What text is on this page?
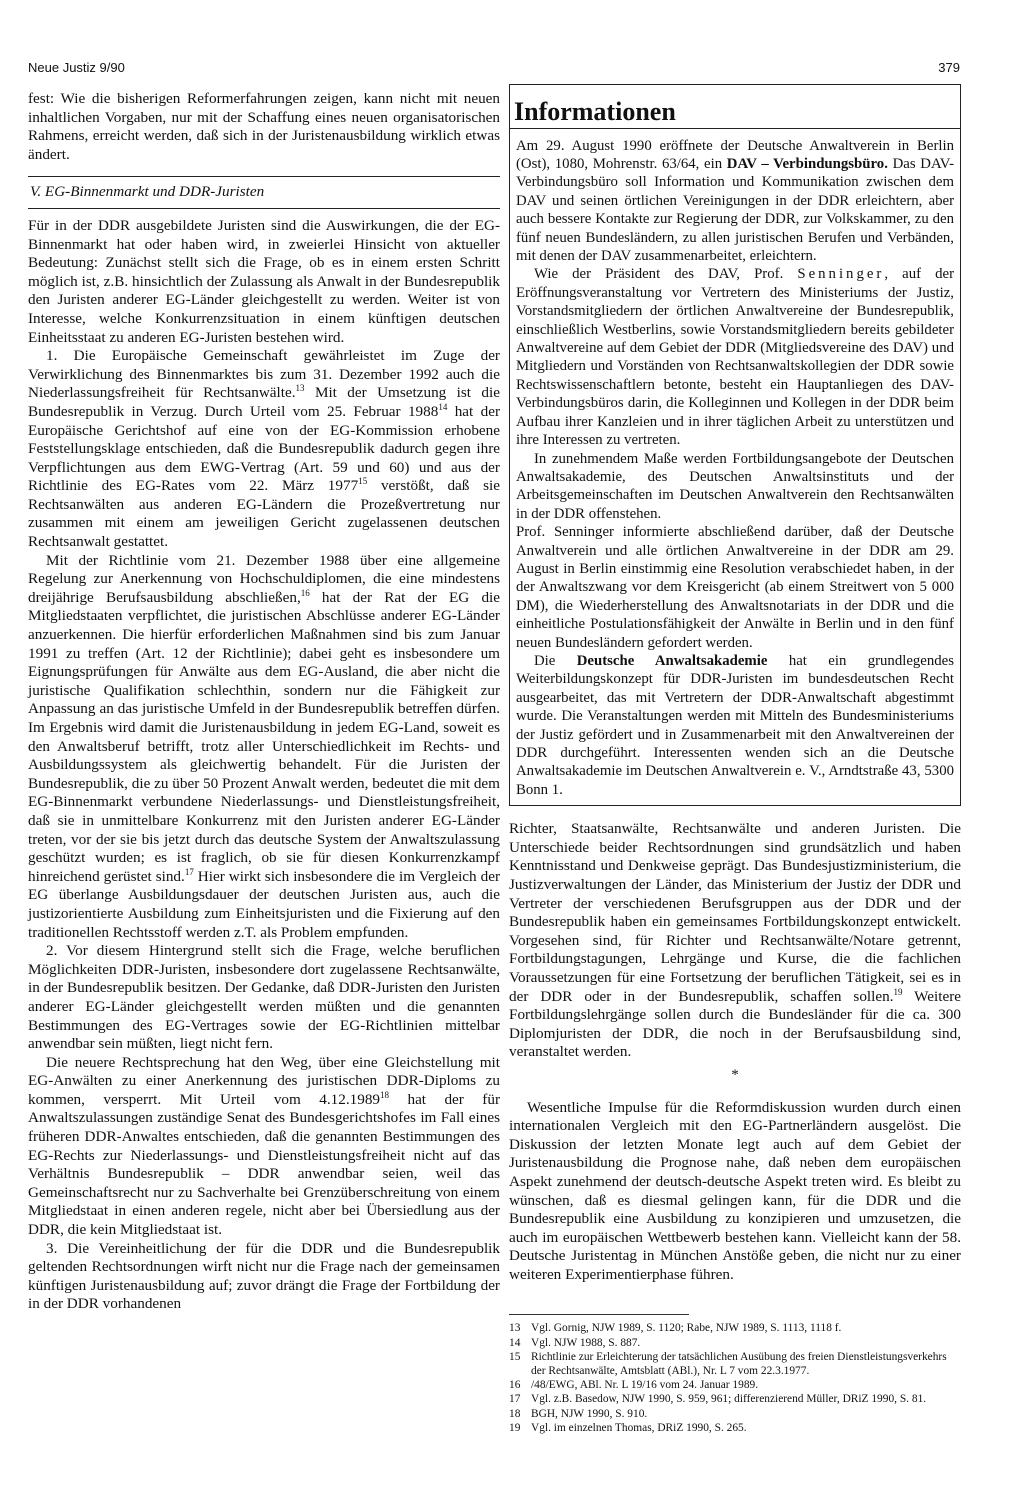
Neue Justiz 9/90	379

fest: Wie die bisherigen Reformerfahrungen zeigen, kann nicht mit neuen inhaltlichen Vorgaben, nur mit der Schaffung eines neuen organisatorischen Rahmens, erreicht werden, daß sich in der Juristenausbildung wirklich etwas ändert.

V. EG-Binnenmarkt und DDR-Juristen

Für in der DDR ausgebildete Juristen sind die Auswirkungen, die der EG-Binnenmarkt hat oder haben wird, in zweierlei Hinsicht von aktueller Bedeutung: Zunächst stellt sich die Frage, ob es in einem ersten Schritt möglich ist, z.B. hinsichtlich der Zulassung als Anwalt in der Bundesrepublik den Juristen anderer EG-Länder gleichgestellt zu werden. Weiter ist von Interesse, welche Konkurrenzsituation in einem künftigen deutschen Einheitsstaat zu anderen EG-Juristen bestehen wird.

1. Die Europäische Gemeinschaft gewährleistet im Zuge der Verwirklichung des Binnenmarktes bis zum 31. Dezember 1992 auch die Niederlassungsfreiheit für Rechtsanwälte.$^{13}$ Mit der Umsetzung ist die Bundesrepublik in Verzug. Durch Urteil vom 25. Februar 1988$^{14}$ hat der Europäische Gerichtshof auf eine von der EG-Kommission erhobene Feststellungsklage entschieden, daß die Bundesrepublik dadurch gegen ihre Verpflichtungen aus dem EWG-Vertrag (Art. 59 und 60) und aus der Richtlinie des EG-Rates vom 22. März 1977$^{15}$ verstößt, daß sie Rechtsanwälten aus anderen EG-Ländern die Prozeßvertretung nur zusammen mit einem am jeweiligen Gericht zugelassenen deutschen Rechtsanwalt gestattet.

Mit der Richtlinie vom 21. Dezember 1988 über eine allgemeine Regelung zur Anerkennung von Hochschuldiplomen, die eine mindestens dreijährige Berufsausbildung abschließen,$^{16}$ hat der Rat der EG die Mitgliedstaaten verpflichtet, die juristischen Abschlüsse anderer EG-Länder anzuerkennen. Die hierfür erforderlichen Maßnahmen sind bis zum Januar 1991 zu treffen (Art. 12 der Richtlinie); dabei geht es insbesondere um Eignungsprüfungen für Anwälte aus dem EG-Ausland, die aber nicht die juristische Qualifikation schlechthin, sondern nur die Fähigkeit zur Anpassung an das juristische Umfeld in der Bundesrepublik betreffen dürfen. Im Ergebnis wird damit die Juristenausbildung in jedem EG-Land, soweit es den Anwaltsberuf betrifft, trotz aller Unterschiedlichkeit im Rechts- und Ausbildungssystem als gleichwertig behandelt. Für die Juristen der Bundesrepublik, die zu über 50 Prozent Anwalt werden, bedeutet die mit dem EG-Binnenmarkt verbundene Niederlassungs- und Dienstleistungsfreiheit, daß sie in unmittelbare Konkurrenz mit den Juristen anderer EG-Länder treten, vor der sie bis jetzt durch das deutsche System der Anwaltszulassung geschützt wurden; es ist fraglich, ob sie für diesen Konkurrenzkampf hinreichend gerüstet sind.$^{17}$ Hier wirkt sich insbesondere die im Vergleich der EG überlange Ausbildungsdauer der deutschen Juristen aus, auch die justizorientierte Ausbildung zum Einheitsjuristen und die Fixierung auf den traditionellen Rechtsstoff werden z.T. als Problem empfunden.

2. Vor diesem Hintergrund stellt sich die Frage, welche beruflichen Möglichkeiten DDR-Juristen, insbesondere dort zugelassene Rechtsanwälte, in der Bundesrepublik besitzen. Der Gedanke, daß DDR-Juristen den Juristen anderer EG-Länder gleichgestellt werden müßten und die genannten Bestimmungen des EG-Vertrages sowie der EG-Richtlinien mittelbar anwendbar sein müßten, liegt nicht fern.

Die neuere Rechtsprechung hat den Weg, über eine Gleichstellung mit EG-Anwälten zu einer Anerkennung des juristischen DDR-Diploms zu kommen, versperrt. Mit Urteil vom 4.12.1989$^{18}$ hat der für Anwaltszulassungen zuständige Senat des Bundesgerichtshofes im Fall eines früheren DDR-Anwaltes entschieden, daß die genannten Bestimmungen des EG-Rechts zur Niederlassungs- und Dienstleistungsfreiheit nicht auf das Verhältnis Bundesrepublik – DDR anwendbar seien, weil das Gemeinschaftsrecht nur zu Sachverhalte bei Grenzüberschreitung von einem Mitgliedstaat in einen anderen regele, nicht aber bei Übersiedlung aus der DDR, die kein Mitgliedstaat ist.

3. Die Vereinheitlichung der für die DDR und die Bundesrepublik geltenden Rechtsordnungen wirft nicht nur die Frage nach der gemeinsamen künftigen Juristenausbildung auf; zuvor drängt die Frage der Fortbildung der in der DDR vorhandenen

Informationen

Am 29. August 1990 eröffnete der Deutsche Anwaltverein in Berlin (Ost), 1080, Mohrenstr. 63/64, ein DAV – Verbindungsbüro. Das DAV-Verbindungsbüro soll Information und Kommunikation zwischen dem DAV und seinen örtlichen Vereinigungen in der DDR erleichtern, aber auch bessere Kontakte zur Regierung der DDR, zur Volkskammer, zu den fünf neuen Bundesländern, zu allen juristischen Berufen und Verbänden, mit denen der DAV zusammenarbeitet, erleichtern.

Wie der Präsident des DAV, Prof. Senninger, auf der Eröffnungsveranstaltung vor Vertretern des Ministeriums der Justiz, Vorstandsmitgliedern der örtlichen Anwaltvereine der Bundesrepublik, einschließlich Westberlins, sowie Vorstandsmitgliedern bereits gebildeter Anwaltvereine auf dem Gebiet der DDR (Mitgliedsvereine des DAV) und Mitgliedern und Vorständen von Rechtsanwaltskollegien der DDR sowie Rechtswissenschaftlern betonte, besteht ein Hauptanliegen des DAV-Verbindungsbüros darin, die Kolleginnen und Kollegen in der DDR beim Aufbau ihrer Kanzleien und in ihrer täglichen Arbeit zu unterstützen und ihre Interessen zu vertreten.

In zunehmendem Maße werden Fortbildungsangebote der Deutschen Anwaltsakademie, des Deutschen Anwaltsinstituts und der Arbeitsgemeinschaften im Deutschen Anwaltverein den Rechtsanwälten in der DDR offenstehen.

Prof. Senninger informierte abschließend darüber, daß der Deutsche Anwaltverein und alle örtlichen Anwaltvereine in der DDR am 29. August in Berlin einstimmig eine Resolution verabschiedet haben, in der der Anwaltszwang vor dem Kreisgericht (ab einem Streitwert von 5 000 DM), die Wiederherstellung des Anwaltsnotariats in der DDR und die einheitliche Postulationsfähigkeit der Anwälte in Berlin und in den fünf neuen Bundesländern gefordert werden.

Die Deutsche Anwaltsakademie hat ein grundlegendes Weiterbildungskonzept für DDR-Juristen im bundesdeutschen Recht ausgearbeitet, das mit Vertretern der DDR-Anwaltschaft abgestimmt wurde. Die Veranstaltungen werden mit Mitteln des Bundesministeriums der Justiz gefördert und in Zusammenarbeit mit den Anwaltvereinen der DDR durchgeführt. Interessenten wenden sich an die Deutsche Anwaltsakademie im Deutschen Anwaltverein e. V., Arndtstraße 43, 5300 Bonn 1.

Richter, Staatsanwälte, Rechtsanwälte und anderen Juristen. Die Unterschiede beider Rechtsordnungen sind grundsätzlich und haben Kenntnisstand und Denkweise geprägt. Das Bundesjustizministerium, die Justizverwaltungen der Länder, das Ministerium der Justiz der DDR und Vertreter der verschiedenen Berufsgruppen aus der DDR und der Bundesrepublik haben ein gemeinsames Fortbildungskonzept entwickelt. Vorgesehen sind, für Richter und Rechtsanwälte/Notare getrennt, Fortbildungstagungen, Lehrgänge und Kurse, die die fachlichen Voraussetzungen für eine Fortsetzung der beruflichen Tätigkeit, sei es in der DDR oder in der Bundesrepublik, schaffen sollen.$^{19}$ Weitere Fortbildungslehrgänge sollen durch die Bundesländer für die ca. 300 Diplomjuristen der DDR, die noch in der Berufsausbildung sind, veranstaltet werden.

*

Wesentliche Impulse für die Reformdiskussion wurden durch einen internationalen Vergleich mit den EG-Partnerländern ausgelöst. Die Diskussion der letzten Monate legt auch auf dem Gebiet der Juristenausbildung die Prognose nahe, daß neben dem europäischen Aspekt zunehmend der deutsch-deutsche Aspekt treten wird. Es bleibt zu wünschen, daß es diesmal gelingen kann, für die DDR und die Bundesrepublik eine Ausbildung zu konzipieren und umzusetzen, die auch im europäischen Wettbewerb bestehen kann. Vielleicht kann der 58. Deutsche Juristentag in München Anstöße geben, die nicht nur zu einer weiteren Experimentierphase führen.

13 Vgl. Gornig, NJW 1989, S. 1120; Rabe, NJW 1989, S. 1113, 1118 f.
14 Vgl. NJW 1988, S. 887.
15 Richtlinie zur Erleichterung der tatsächlichen Ausübung des freien Dienstleistungsverkehrs der Rechtsanwälte, Amtsblatt (ABl.), Nr. L 7 vom 22.3.1977.
16 /48/EWG, ABl. Nr. L 19/16 vom 24. Januar 1989.
17 Vgl. z.B. Basedow, NJW 1990, S. 959, 961; differenzierend Müller, DRiZ 1990, S. 81.
18 BGH, NJW 1990, S. 910.
19 Vgl. im einzelnen Thomas, DRiZ 1990, S. 265.
